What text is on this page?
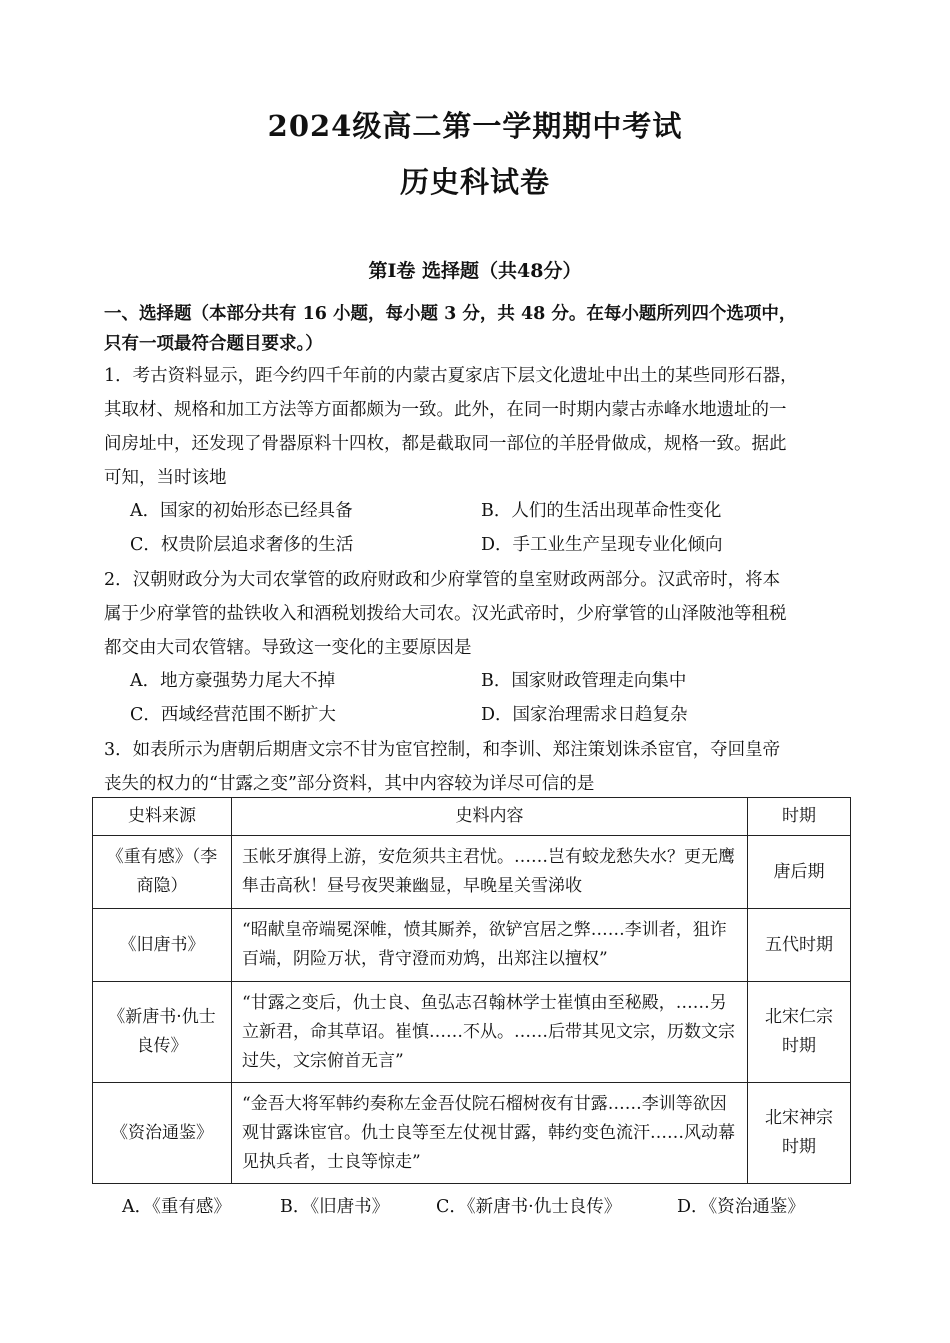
2024级高二第一学期期中考试
历史科试卷
第Ⅰ卷 选择题（共48分）
一、选择题（本部分共有 16 小题，每小题 3 分，共 48 分。在每小题所列四个选项中，
只有一项最符合题目要求。）
1．考古资料显示，距今约四千年前的内蒙古夏家店下层文化遗址中出土的某些同形石器，
其取材、规格和加工方法等方面都颇为一致。此外，在同一时期内蒙古赤峰水地遗址的一
间房址中，还发现了骨器原料十四枚，都是截取同一部位的羊胫骨做成，规格一致。据此
可知，当时该地
A．国家的初始形态已经具备	B．人们的生活出现革命性变化
C．权贵阶层追求奢侈的生活	D．手工业生产呈现专业化倾向
2．汉朝财政分为大司农掌管的政府财政和少府掌管的皇室财政两部分。汉武帝时，将本
属于少府掌管的盐铁收入和酒税划拨给大司农。汉光武帝时，少府掌管的山泽陂池等租税
都交由大司农管辖。导致这一变化的主要原因是
A．地方豪强势力尾大不掉	B．国家财政管理走向集中
C．西域经营范围不断扩大	D．国家治理需求日趋复杂
3．如表所示为唐朝后期唐文宗不甘为宦官控制，和李训、郑注策划诛杀宦官，夺回皇帝
丧失的权力的“甘露之变”部分资料，其中内容较为详尽可信的是
史料来源	史料内容	时期
《重有感》（李商隐）	玉帐牙旗得上游，安危须共主君忧。……岂有蛟龙愁失水？更无鹰隼击高秋！昼号夜哭兼幽显，早晚星关雪涕收	唐后期
《旧唐书》	“昭献皇帝端冕深帷，愤其厮养，欲铲宫居之弊……李训者，狙诈百端，阴险万状，背守澄而劝鸩，出郑注以擅权”	五代时期
《新唐书·仇士良传》	“甘露之变后，仇士良、鱼弘志召翰林学士崔慎由至秘殿，……另立新君，命其草诏。崔慎……不从。……后带其见文宗，历数文宗过失，文宗俯首无言”	北宋仁宗时期
《资治通鉴》	“金吾大将军韩约奏称左金吾仗院石榴树夜有甘露……李训等欲因观甘露诛宦官。仇士良等至左仗视甘露，韩约变色流汗……风动幕见执兵者，士良等惊走”	北宋神宗时期
A．《重有感》	B．《旧唐书》	C．《新唐书·仇士良传》	D．《资治通鉴》
